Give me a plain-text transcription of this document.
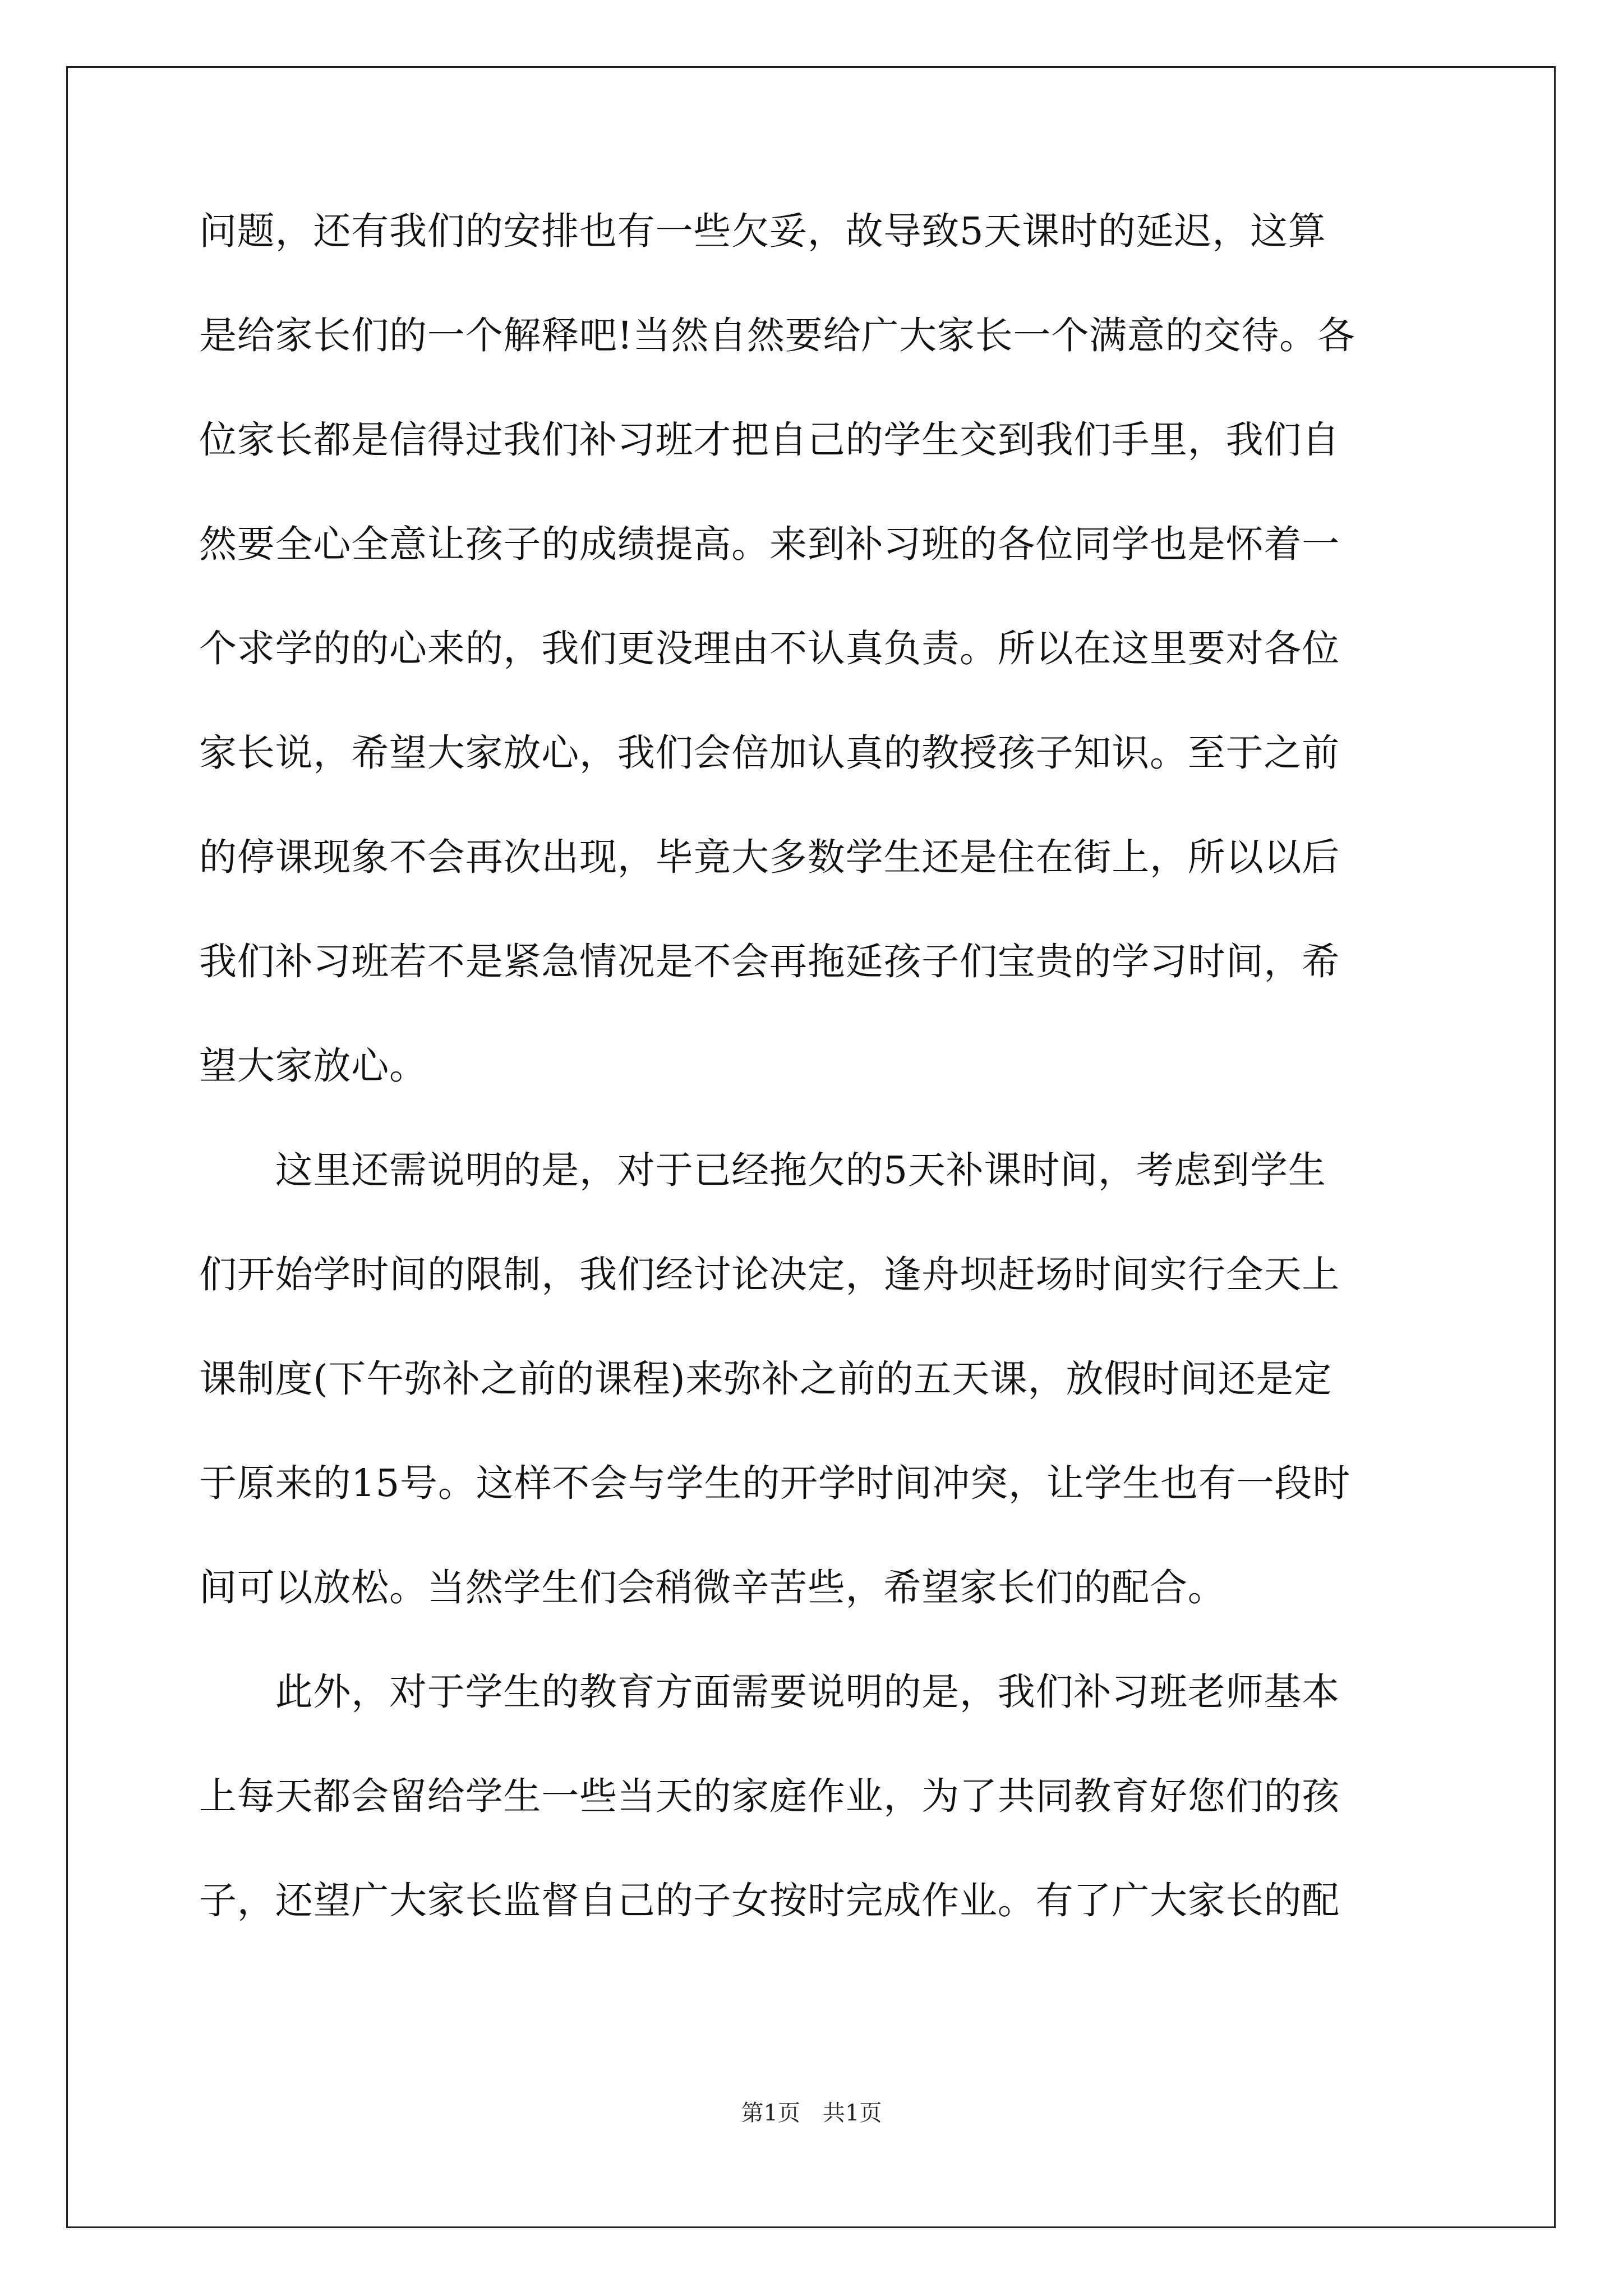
问题，还有我们的安排也有一些欠妥，故导致5天课时的延迟，这算
是给家长们的一个解释吧!当然自然要给广大家长一个满意的交待。各
位家长都是信得过我们补习班才把自己的学生交到我们手里，我们自
然要全心全意让孩子的成绩提高。来到补习班的各位同学也是怀着一
个求学的的心来的，我们更没理由不认真负责。所以在这里要对各位
家长说，希望大家放心，我们会倍加认真的教授孩子知识。至于之前
的停课现象不会再次出现，毕竟大多数学生还是住在街上，所以以后
我们补习班若不是紧急情况是不会再拖延孩子们宝贵的学习时间，希
望大家放心。
　　这里还需说明的是，对于已经拖欠的5天补课时间，考虑到学生
们开始学时间的限制，我们经讨论决定，逢舟坝赶场时间实行全天上
课制度(下午弥补之前的课程)来弥补之前的五天课，放假时间还是定
于原来的15号。这样不会与学生的开学时间冲突，让学生也有一段时
间可以放松。当然学生们会稍微辛苦些，希望家长们的配合。
　　此外，对于学生的教育方面需要说明的是，我们补习班老师基本
上每天都会留给学生一些当天的家庭作业，为了共同教育好您们的孩
子，还望广大家长监督自己的子女按时完成作业。有了广大家长的配
第1页　共1页
